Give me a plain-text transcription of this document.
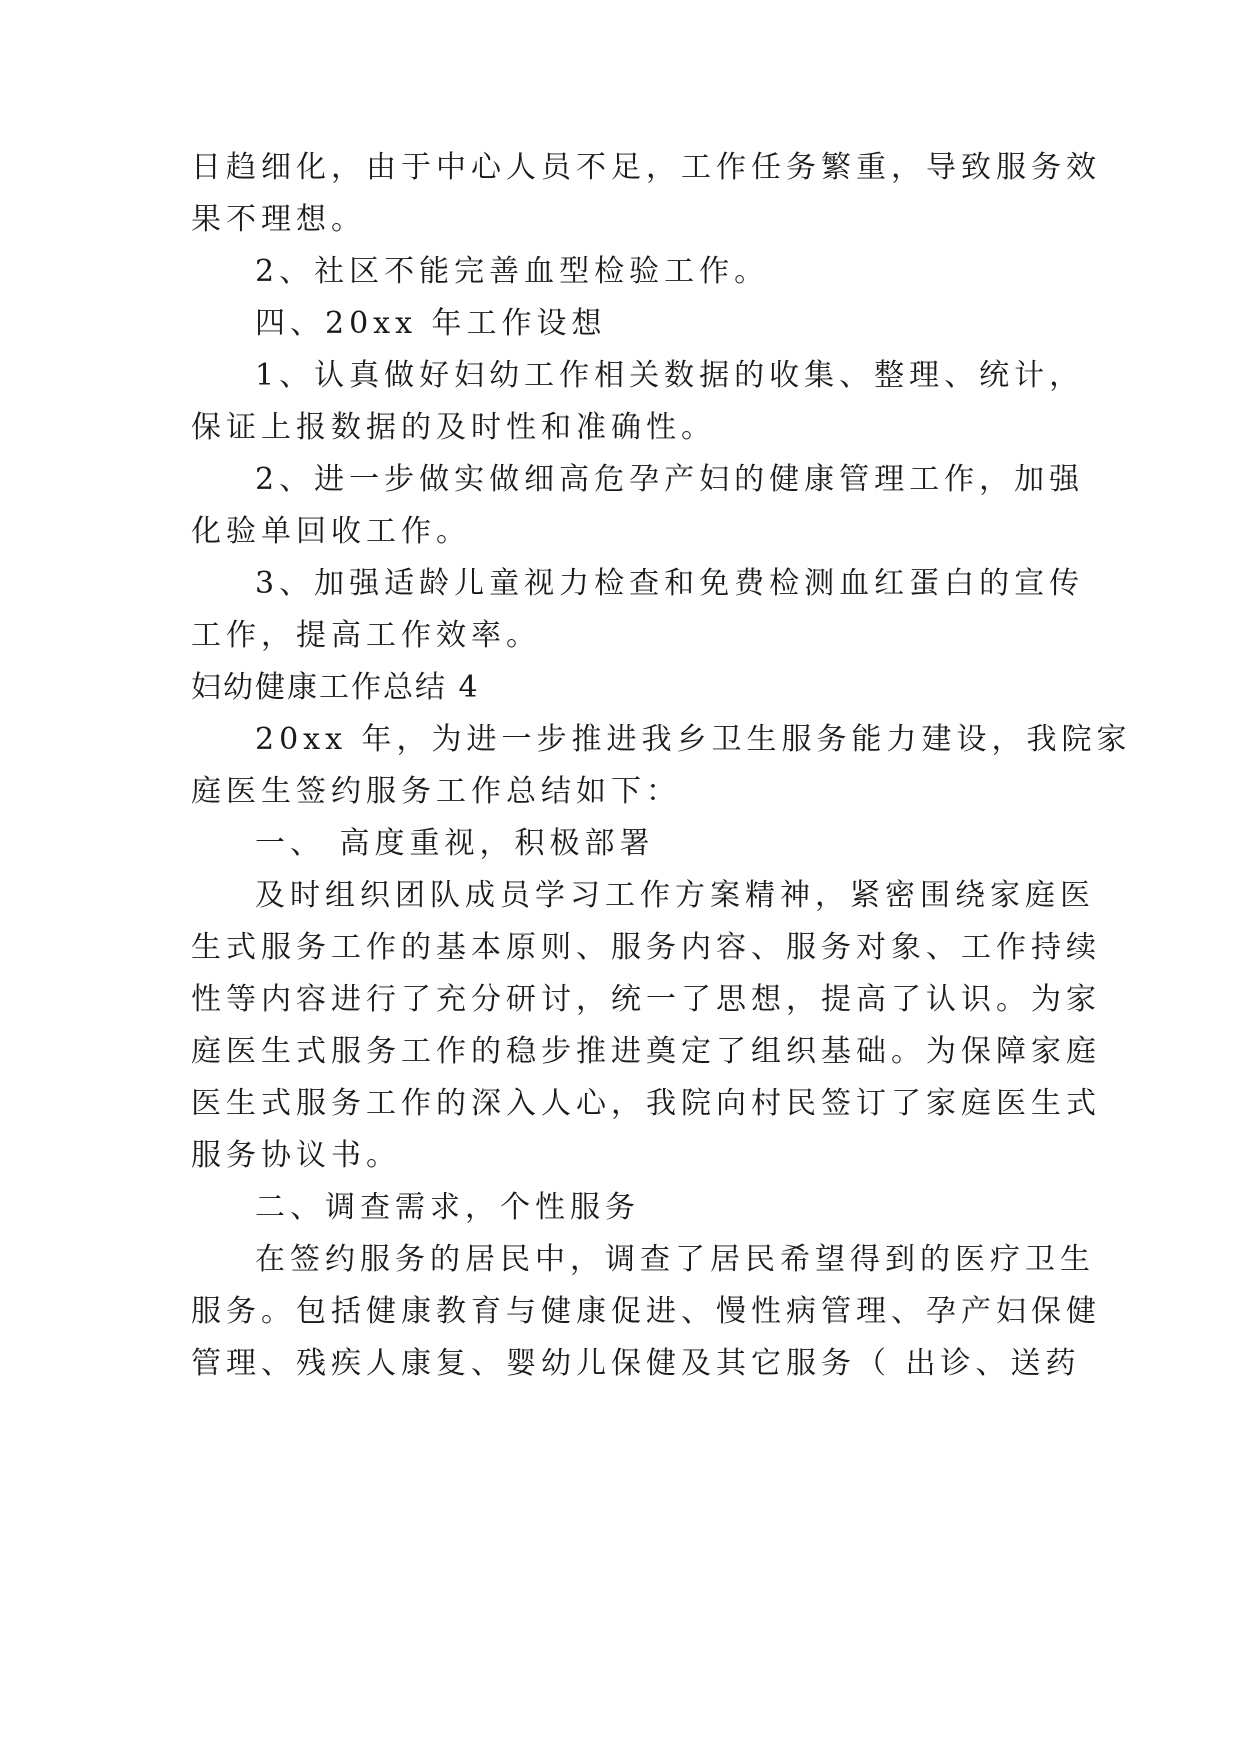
日趋细化，由于中心人员不足，工作任务繁重，导致服务效
果不理想。
2、社区不能完善血型检验工作。
四、20xx 年工作设想
1、认真做好妇幼工作相关数据的收集、整理、统计，
保证上报数据的及时性和准确性。
2、进一步做实做细高危孕产妇的健康管理工作，加强
化验单回收工作。
3、加强适龄儿童视力检查和免费检测血红蛋白的宣传
工作，提高工作效率。
妇幼健康工作总结 4
20xx 年，为进一步推进我乡卫生服务能力建设，我院家
庭医生签约服务工作总结如下：
一、 高度重视，积极部署
及时组织团队成员学习工作方案精神，紧密围绕家庭医
生式服务工作的基本原则、服务内容、服务对象、工作持续
性等内容进行了充分研讨，统一了思想，提高了认识。为家
庭医生式服务工作的稳步推进奠定了组织基础。为保障家庭
医生式服务工作的深入人心，我院向村民签订了家庭医生式
服务协议书。
二、调查需求，个性服务
在签约服务的居民中，调查了居民希望得到的医疗卫生
服务。包括健康教育与健康促进、慢性病管理、孕产妇保健
管理、残疾人康复、婴幼儿保健及其它服务（ 出诊、送药
